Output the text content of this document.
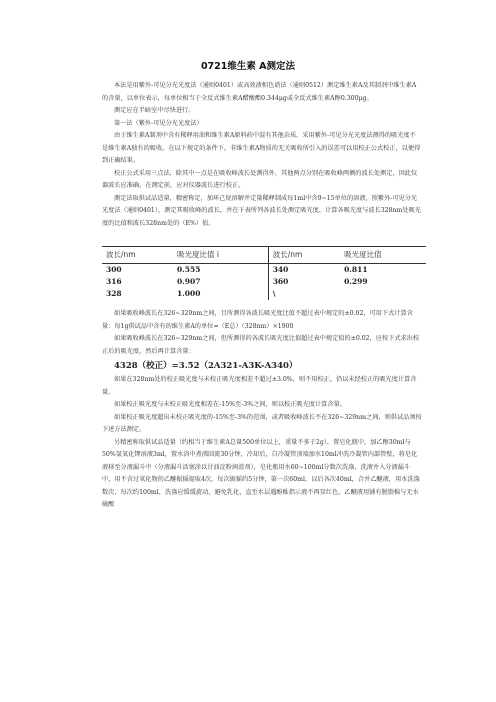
0721维生素 A测定法

本法是用紫外-可见分光光度法（通则0401）或高效液相色谱法（通则0512）测定维生素A及其制剂中维生素A的含量，以单位表示，每单位相当于全反式维生素A醋酸酯0.344μg或全反式维生素A醇0.300μg。

测定应在半暗室中尽快进行。

第一法（紫外-可见分光光度法）

由于维生素A制剂中含有稀释用油和维生素A原料药中混有其他杂质，采用紫外-可见分光光度法测得的吸光度不是维生素A独有的吸收。在以下规定的条件下，非维生素A物质的无关吸收所引入的误差可以用校正公式校正，以便得到正确结果。

校正公式采用三点法，除其中一点是在吸收峰波长处测得外，其他两点分别在吸收峰两侧的波长处测定，因此仪器波长应准确，在测定前，应对仪器波长进行校正。

测定法取供试品适量，精密称定，加环己烷溶解并定量稀释制成每1ml中含9~15单位的溶液，照紫外-可见分光光度法（通则0401），测定其吸收峰的波长，并在下表所列各波长处测定吸光度，计算各吸光度与波长328nm处吸光度的比值和波长328nm处的（E%）值。

波长/nm	吸光度比值 i	波长/nm	吸光度比值
300	0.555	340	0.811
316	0.907	360	0.299
328	1.000	\	

如果吸收峰波长在326~329nm之间，且所测得各波长吸光度比值不超过表中规定的±0.02，可用下式计算含量：每1g供试品中含有的维生素A的单位=（E总）（328nm）×1900

如果吸收峰波长在326~329nm之间，但所测得的各波长吸光度比值超过表中规定值的±0.02，应按下式求出校正后的吸光度，然后再计算含量：

4328（校正）=3.52（2A321-A3K-A340）

如果在328nm处的校正吸光度与未校正吸光度相差不超过±3.0%，则不用校正，仍以未经校正的吸光度计算含量。

如果校正吸光度与未校正吸光度相差在-15%至-3%之间，则以校正吸光度计算含量。

如果校正吸光度超出未校正吸光度的-15%至-3%的范围，或者吸收峰波长不在326~329nm之间，则供试品须按下述方法测定。

另精密称取供试品适量（约相当于维生素A总量500单位以上，重量不多于2g），置皂化瓶中，加乙醇30ml与50%氢氧化钾溶液3ml，置水浴中煮沸回流30分钟，冷却后，自冷凝管顶端加水10ml冲洗冷凝管内部管壁，将皂化液移至分液漏斗中（分液漏斗活塞涂以甘油淀粉润滑剂），皂化瓶用水60~100ml分数次洗涤，洗液并入分液漏斗中，用不含过氧化物的乙醚振摇提取4次，每次振摇约5分钟，第一次60ml，以后各次40ml，合并乙醚液，用水洗涤数次，每次约100ml，洗涤应缓缓旋动，避免乳化，直至水层遇酚酞指示液不再显红色，乙醚液用铺有脱脂棉与无水硫酸
